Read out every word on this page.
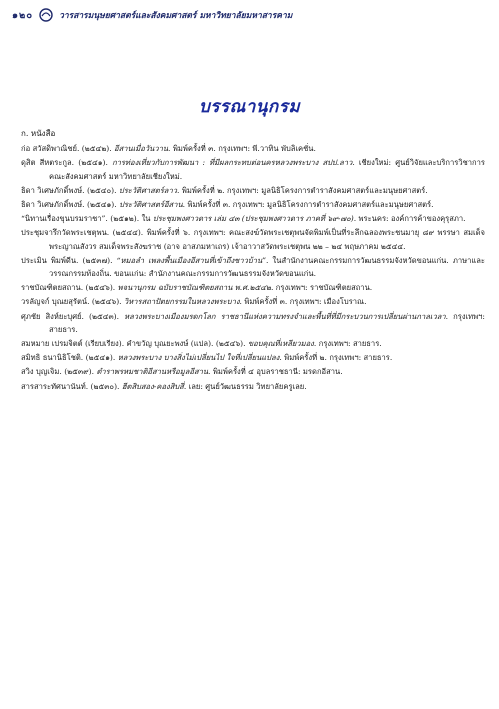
๑๒๐	วารสารมนุษยศาสตร์และสังคมศาสตร์ มหาวิทยาลัยมหาสารคาม
บรรณานุกรม
ก. หนังสือ

ก่อ สวัสดิพาณิชย์. (๒๕๔๒). อีสานเมื่อวันวาน. พิมพ์ครั้งที่ ๓. กรุงเทพฯ: พี.วาทิน พับลิเคชั่น.

ดุสิต สีหตระกูล. (๒๕๔๑). การท่องเที่ยวกับการพัฒนา : ที่มีผลกระทบต่อนครหลวงพระบาง สปป.ลาว. เชียงใหม่: ศูนย์วิจัยและบริการวิชาการ คณะสังคมศาสตร์ มหาวิทยาลัยเชียงใหม่.

ธิดา วิเศษภักดิ์พงษ์. (๒๕๔๐). ประวัติศาสตร์ลาว. พิมพ์ครั้งที่ ๒. กรุงเทพฯ: มูลนิธิโครงการตำราสังคมศาสตร์และมนุษยศาสตร์.

ธิดา วิเศษภักดิ์พงษ์. (๒๕๔๑). ประวัติศาสตร์อีสาน. พิมพ์ครั้งที่ ๓. กรุงเทพฯ: มูลนิธิโครงการตำราสังคมศาสตร์และมนุษยศาสตร์.

“นิทานเรื่องขุนบรมราชา”. (๒๕๑๒). ใน ประชุมพงศาวดาร เล่ม ๔๓ (ประชุมพงศาวดาร ภาคที่ ๖๙-๗๐). พระนคร: องค์การค้าของคุรุสภา.

ประชุมจารึกวัดพระเชตุพน. (๒๕๔๔). พิมพ์ครั้งที่ ๖. กรุงเทพฯ: คณะสงฆ์วัดพระเชตุพนจัดพิมพ์เป็นที่ระลึกฉลองพระชนมายุ ๘๙ พรรษา สมเด็จพระญาณสังวร สมเด็จพระสังฆราช (อาจ อาสภมหาเถร) เจ้าอาวาสวัดพระเชตุพน ๒๒ – ๒๔ พฤษภาคม ๒๕๔๔.

ประเมิน พิมพ์ดีน. (๒๕๓๗). “หมอลำ เพลงพื้นเมืองอีสานที่เข้าถึงชาวบ้าน”. ในสำนักงานคณะกรรมการวัฒนธรรมจังหวัดขอนแก่น. ภาษาและวรรณกรรมท้องถิ่น. ขอนแก่น: สำนักงานคณะกรรมการวัฒนธรรมจังหวัดขอนแก่น.

ราชบัณฑิตยสถาน. (๒๕๔๖). พจนานุกรม ฉบับราชบัณฑิตยสถาน พ.ศ.๒๕๔๒. กรุงเทพฯ: ราชบัณฑิตยสถาน.

วรลัญจก์ บุณยสุรัตน์. (๒๕๔๖). วิหารสถาปัตยกรรมในหลวงพระบาง. พิมพ์ครั้งที่ ๓. กรุงเทพฯ: เมืองโบราณ.

ศุภชัย สิงห์ยะบุศย์. (๒๕๔๓). หลวงพระบางเมืองมรดกโลก ราชธานีแห่งความทรงจำและพื้นที่ที่มีกระบวนการเปลี่ยนผ่านกาลเวลา. กรุงเทพฯ: สายธาร.

สมหมาย เปรมจิตต์ (เรียบเรียง). คำขวัญ บุณยะพงษ์ (แปล). (๒๕๔๖). ขอบคุณที่เหลียวมอง. กรุงเทพฯ: สายธาร.

สมิทธิ ธนานิธิโชติ. (๒๕๔๑). หลวงพระบาง บางสิ่งไม่เปลี่ยนไป ใจที่เปลี่ยนแปลง. พิมพ์ครั้งที่ ๒. กรุงเทพฯ: สายธาร.

สวิง บุญเจิม. (๒๕๓๙). ตำราพรหมชาติอีสานหรือมูลอีสาน. พิมพ์ครั้งที่ ๔ อุบลราชธานี: มรดกอีสาน.

สารสาระทัศนานันท์. (๒๕๓๐). ฮีตสิบสอง-คองสิบสี่. เลย: ศูนย์วัฒนธรรม วิทยาลัยครูเลย.
